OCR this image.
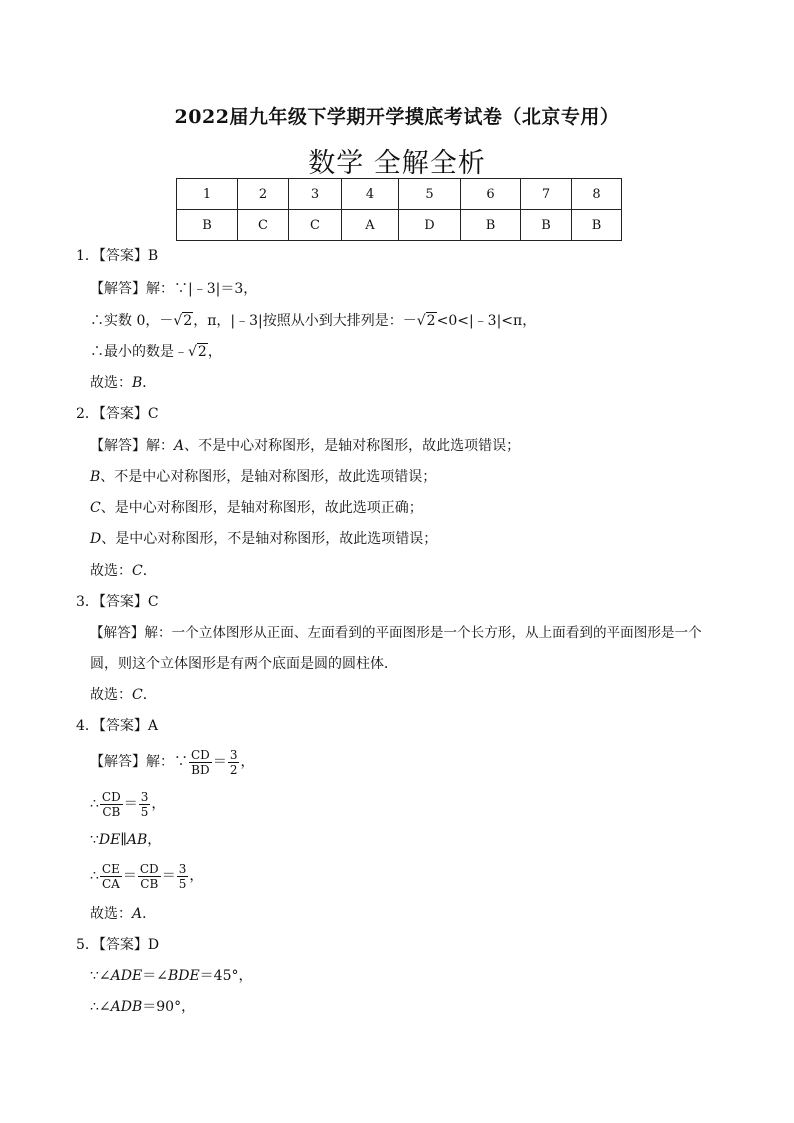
2022届九年级下学期开学摸底考试卷（北京专用）
数学 全解全析
1	2	3	4	5	6	7	8
B	C	C	A	D	B	B	B
1．【答案】B
【解答】解：∵|﹣3|＝3，
∴实数 0，－√2，π，|﹣3|按照从小到大排列是：－√2<0<|﹣3|<π，
∴最小的数是﹣√2，
故选：B．
2．【答案】C
【解答】解：A、不是中心对称图形，是轴对称图形，故此选项错误；
B、不是中心对称图形，是轴对称图形，故此选项错误；
C、是中心对称图形，是轴对称图形，故此选项正确；
D、是中心对称图形，不是轴对称图形，故此选项错误；
故选：C．
3．【答案】C
【解答】解：一个立体图形从正面、左面看到的平面图形是一个长方形，从上面看到的平面图形是一个
圆，则这个立体图形是有两个底面是圆的圆柱体．
故选：C．
4．【答案】A
【解答】解：∵ $\frac{CD}{BD} = \frac{3}{2}$ ，
∴ $\frac{CD}{CB} = \frac{3}{5}$ ，
∵DE∥AB，
∴ $\frac{CE}{CA} = \frac{CD}{CB} = \frac{3}{5}$ ，
故选：A．
5．【答案】D
∵∠ADE＝∠BDE＝45°，
∴∠ADB＝90°，
